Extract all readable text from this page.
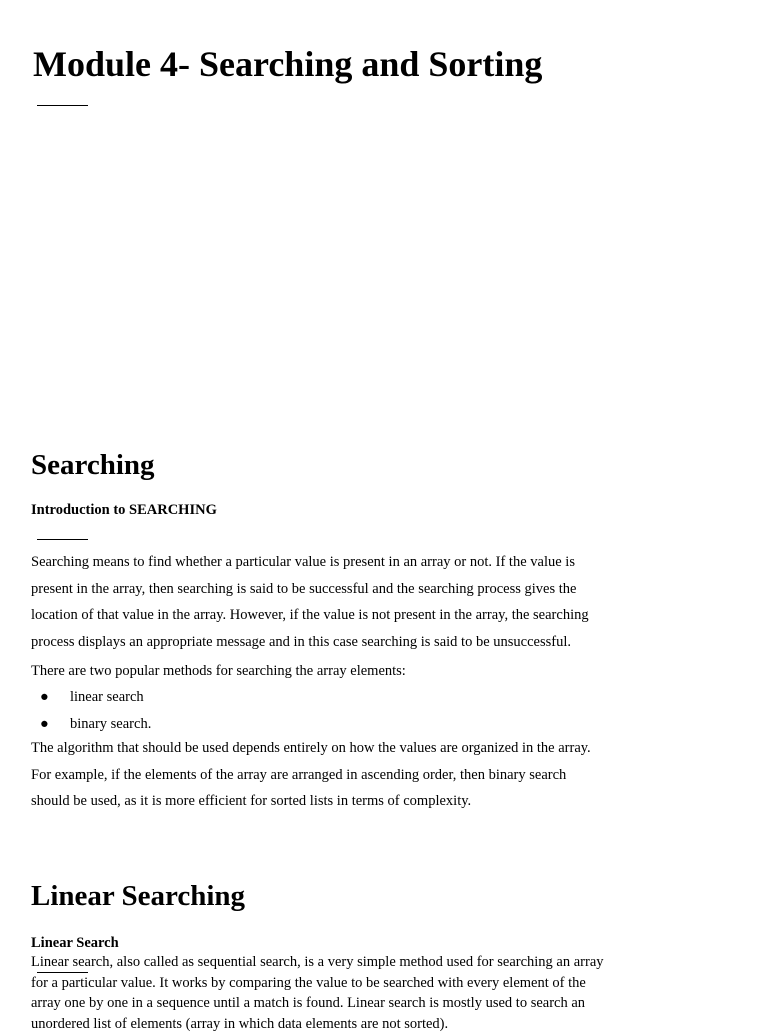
Module 4- Searching and Sorting
Searching
Introduction to SEARCHING
Searching means to find whether a particular value is present in an array or not. If the value is
present in the array, then searching is said to be successful and the searching process gives the
location of that value in the array. However, if the value is not present in the array, the searching
process displays an appropriate message and in this case searching is said to be unsuccessful.
There are two popular methods for searching the array elements:
● linear search
● binary search.
The algorithm that should be used depends entirely on how the values are organized in the array.
For example, if the elements of the array are arranged in ascending order, then binary search
should be used, as it is more efficient for sorted lists in terms of complexity.
Linear Searching
Linear Search
Linear search, also called as sequential search, is a very simple method used for searching an array
for a particular value. It works by comparing the value to be searched with every element of the
array one by one in a sequence until a match is found. Linear search is mostly used to search an
unordered list of elements (array in which data elements are not sorted).
